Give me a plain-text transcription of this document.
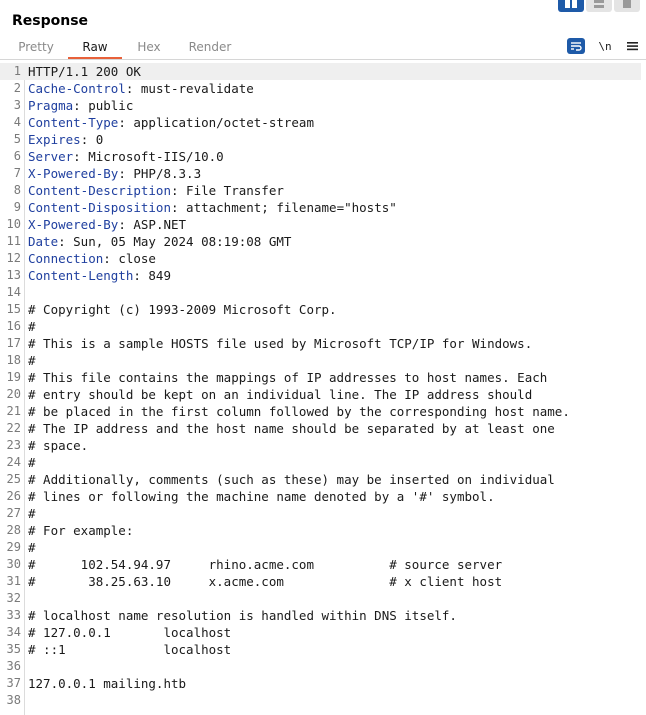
Response
Pretty	Raw	Hex Render	\n
1 HTTP/1.1 200 OK
2 Cache-Control: must-revalidate
3 Pragma: public
4 Content-Type: application/octet-stream
5 Expires: 0
6 Server: Microsoft-IIS/10.0
7 X-Powered-By: PHP/8.3.3
8 Content-Description: File Transfer
9 Content-Disposition: attachment; filename="hosts"
10 X-Powered-By: ASP.NET
11 Date: Sun, 05 May 2024 08:19:08 GMT
12 Connection: close
13 Content-Length: 849
14
15 # Copyright (c) 1993-2009 Microsoft Corp.
16 #
17 # This is a sample HOSTS file used by Microsoft TCP/IP for Windows.
18 #
19 # This file contains the mappings of IP addresses to host names. Each
20 # entry should be kept on an individual line. The IP address should
21 # be placed in the first column followed by the corresponding host name.
22 # The IP address and the host name should be separated by at least one
23 # space.
24 #
25 # Additionally, comments (such as these) may be inserted on individual
26 # lines or following the machine name denoted by a '#' symbol.
27 #
28 # For example:
29 #
30 #      102.54.94.97     rhino.acme.com          # source server
31 #       38.25.63.10     x.acme.com              # x client host
32
33 # localhost name resolution is handled within DNS itself.
34 # 127.0.0.1       localhost
35 # ::1             localhost
36
37 127.0.0.1 mailing.htb
38
